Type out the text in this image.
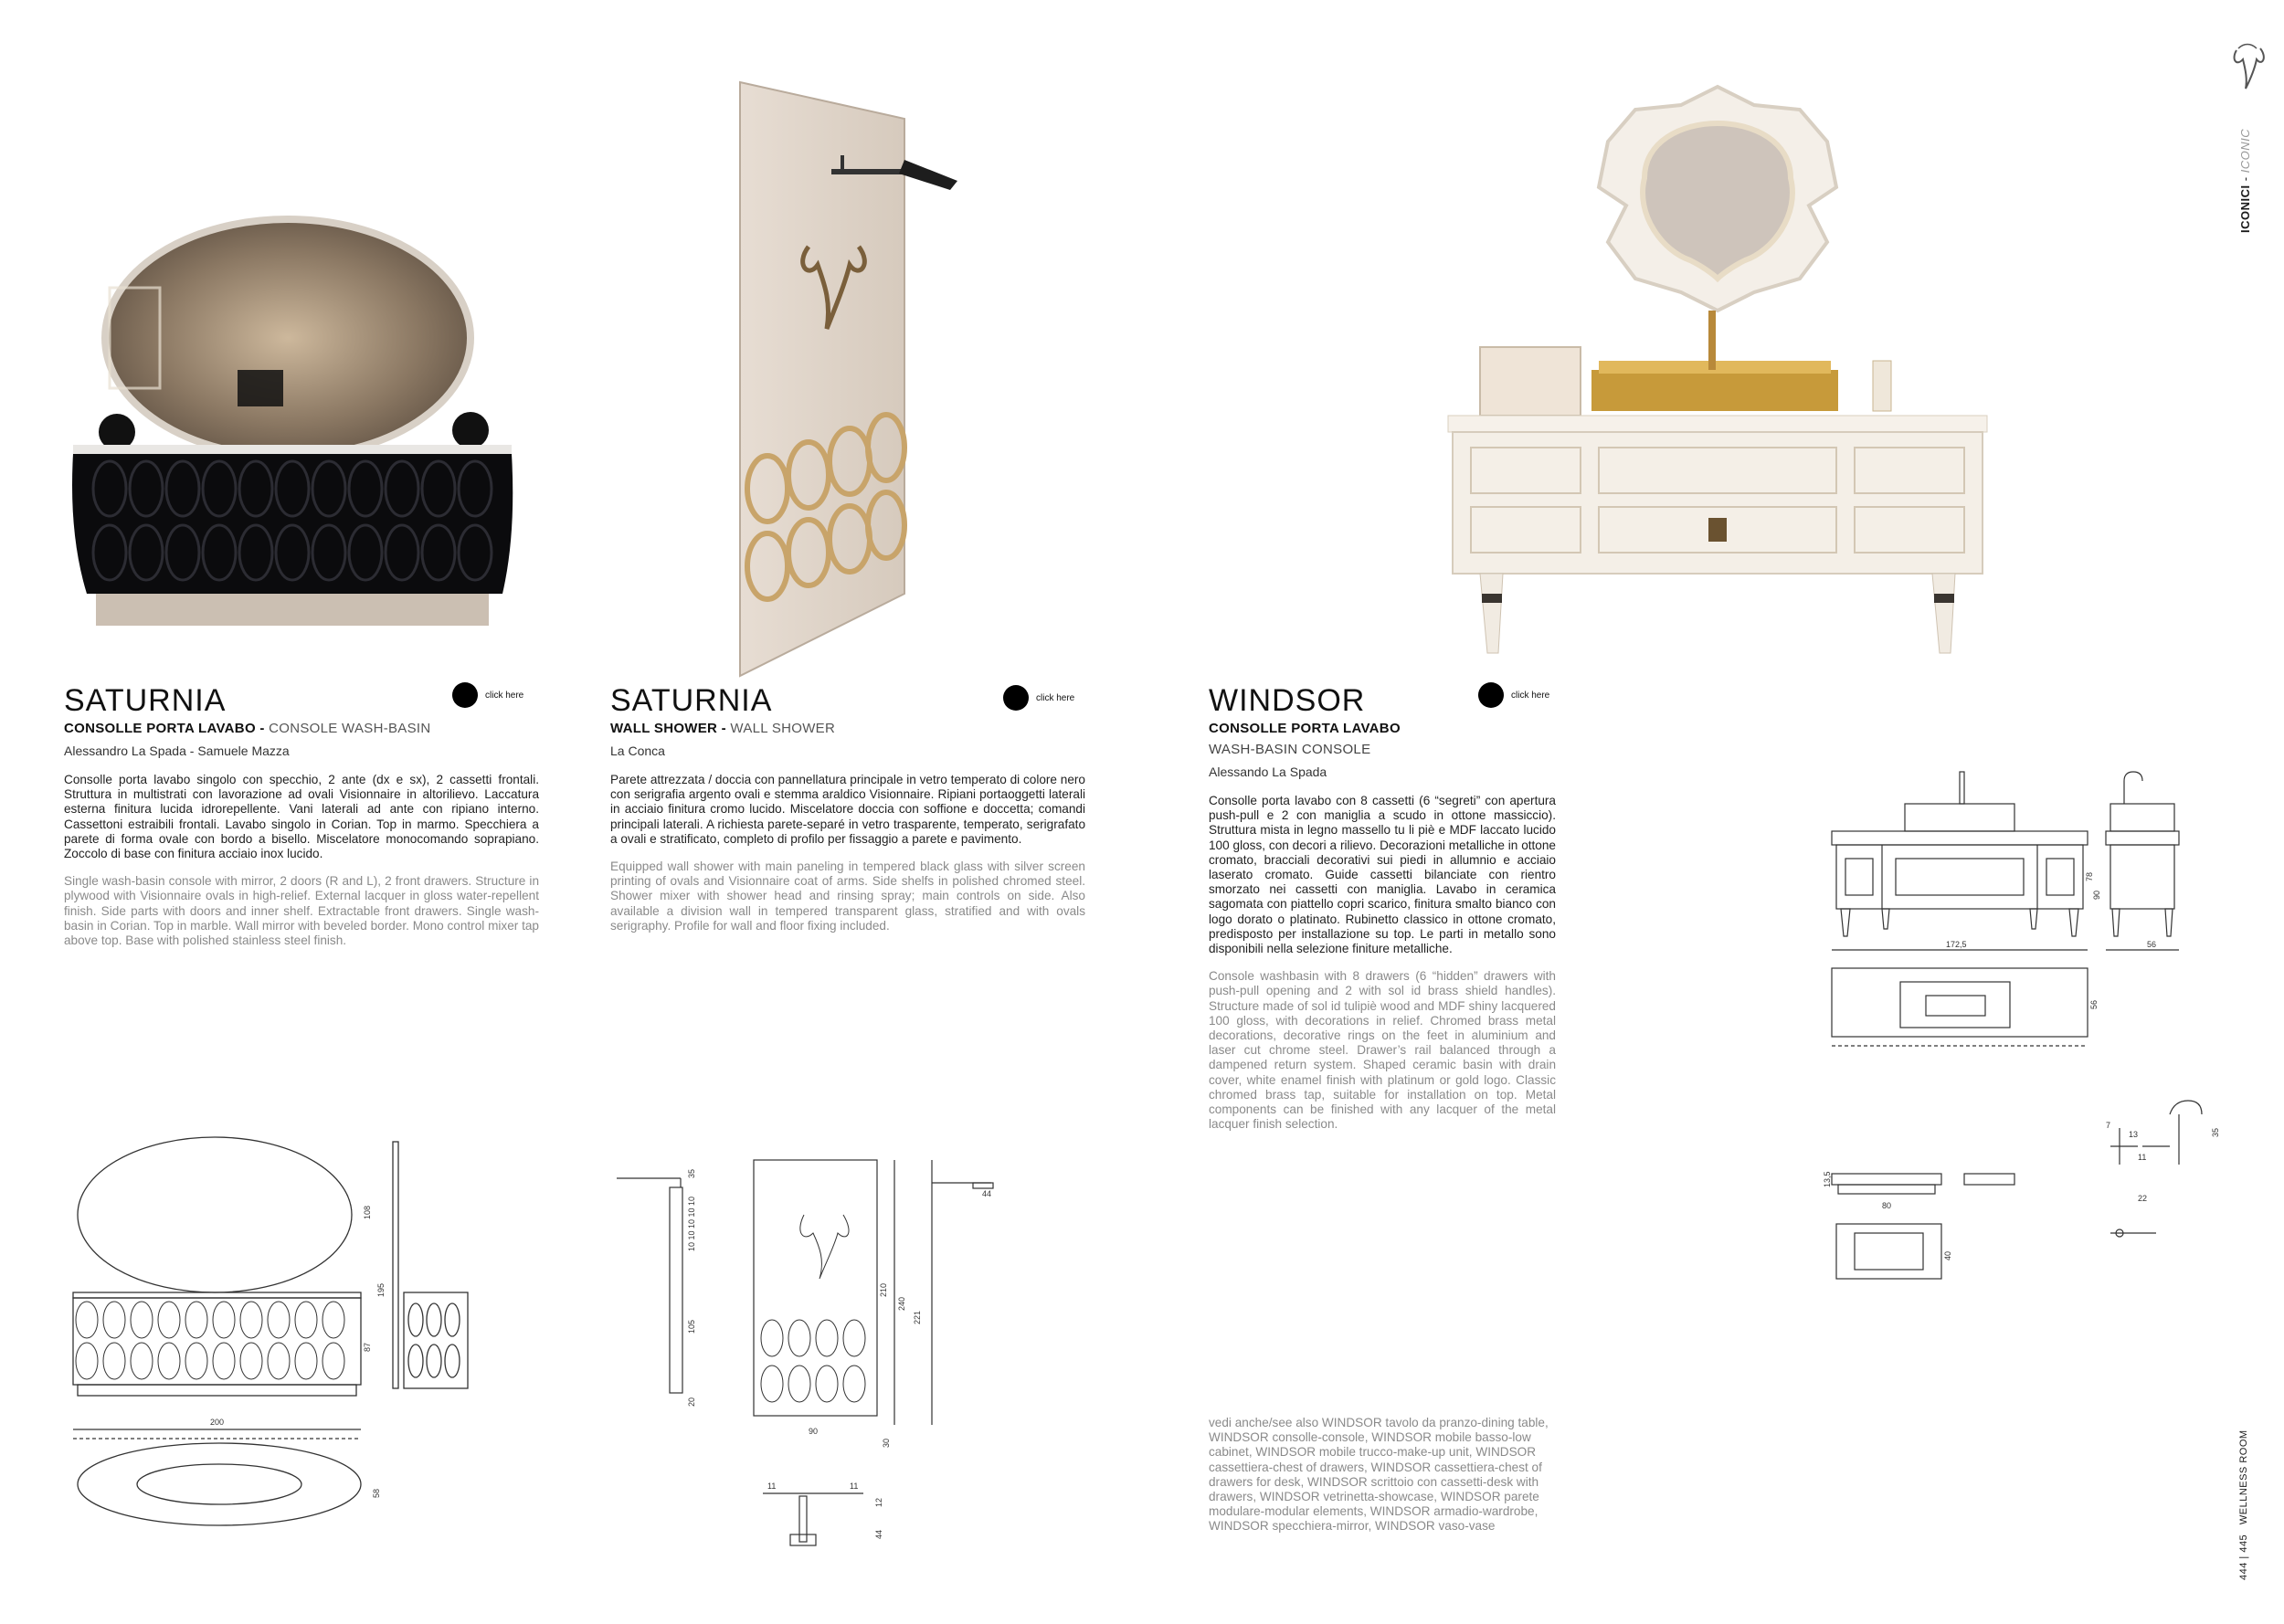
SATURNIA
CONSOLLE PORTA LAVABO - CONSOLE WASH-BASIN
Alessandro La Spada - Samuele Mazza
Consolle porta lavabo singolo con specchio, 2 ante (dx e sx), 2 cassetti frontali. Struttura in multistrati con lavorazione ad ovali Visionnaire in altorilievo. Laccatura esterna finitura lucida idrorepellente. Vani laterali ad ante con ripiano interno. Cassettoni estraibili frontali. Lavabo singolo in Corian. Top in marmo. Specchiera a parete di forma ovale con bordo a bisello. Miscelatore monocomando soprapiano. Zoccolo di base con finitura acciaio inox lucido.
Single wash-basin console with mirror, 2 doors (R and L), 2 front drawers. Structure in plywood with Visionnaire ovals in high-relief. External lacquer in gloss water-repellent finish. Side parts with doors and inner shelf. Extractable front drawers. Single wash-basin in Corian. Top in marble. Wall mirror with beveled border. Mono control mixer tap above top. Base with polished stainless steel finish.
click here	SATURNIA
WALL SHOWER - WALL SHOWER
La Conca
Parete attrezzata / doccia con pannellatura principale in vetro temperato di colore nero con serigrafia argento ovali e stemma araldico Visionnaire. Ripiani portaoggetti laterali in acciaio finitura cromo lucido. Miscelatore doccia con soffione e doccetta; comandi principali laterali. A richiesta parete-separé in vetro trasparente, temperato, serigrafato a ovali e stratificato, completo di profilo per fissaggio a parete e pavimento.
Equipped wall shower with main paneling in tempered black glass with silver screen printing of ovals and Visionnaire coat of arms. Side shelfs in polished chromed steel. Shower mixer with shower head and rinsing spray; main controls on side. Also available a division wall in tempered transparent glass, stratified and with ovals serigraphy. Profile for wall and floor fixing included.
click here	WINDSOR
CONSOLLE PORTA LAVABO
WASH-BASIN CONSOLE
Alessando La Spada
Consolle porta lavabo con 8 cassetti (6 “segreti” con apertura push-pull e 2 con maniglia a scudo in ottone massiccio). Struttura mista in legno massello tu li piè e MDF laccato lucido 100 gloss, con decori a rilievo. Decorazioni metalliche in ottone cromato, bracciali decorativi sui piedi in allumnio e acciaio laserato cromato. Guide cassetti bilanciate con rientro smorzato nei cassetti con maniglia. Lavabo in ceramica sagomata con piattello copri scarico, finitura smalto bianco con logo dorato o platinato. Rubinetto classico in ottone cromato, predisposto per installazione su top. Le parti in metallo sono disponibili nella selezione finiture metalliche.
Console washbasin with 8 drawers (6 “hidden” drawers with push-pull opening and 2 with sol id brass shield handles). Structure made of sol id tulipiè wood and MDF shiny lacquered 100 gloss, with decorations in relief. Chromed brass metal decorations, decorative rings on the feet in aluminium and laser cut chrome steel. Drawer’s rail balanced through a dampened return system. Shaped ceramic basin with drain cover, white enamel finish with platinum or gold logo. Classic chromed brass tap, suitable for installation on top. Metal components can be finished with any lacquer of the metal lacquer finish selection.
click here
vedi anche/see also WINDSOR tavolo da pranzo-dining table, WINDSOR consolle-console, WINDSOR mobile basso-low cabinet, WINDSOR mobile trucco-make-up unit, WINDSOR cassettiera-chest of drawers, WINDSOR cassettiera-chest of drawers for desk, WINDSOR scrittoio con cassetti-desk with drawers, WINDSOR vetrinetta-showcase, WINDSOR parete modulare-modular elements, WINDSOR armadio-wardrobe, WINDSOR specchiera-mirror, WINDSOR vaso-vase
108
195
87
200
58
35
10 10 10 10 10
105
20
44
210
240
221
90
30
11	11
12
44
78
90
172,5	56
56
13,5
80
40
7
13
11
35
22
ICONICI - ICONIC
444 | 445   WELLNESS ROOM
